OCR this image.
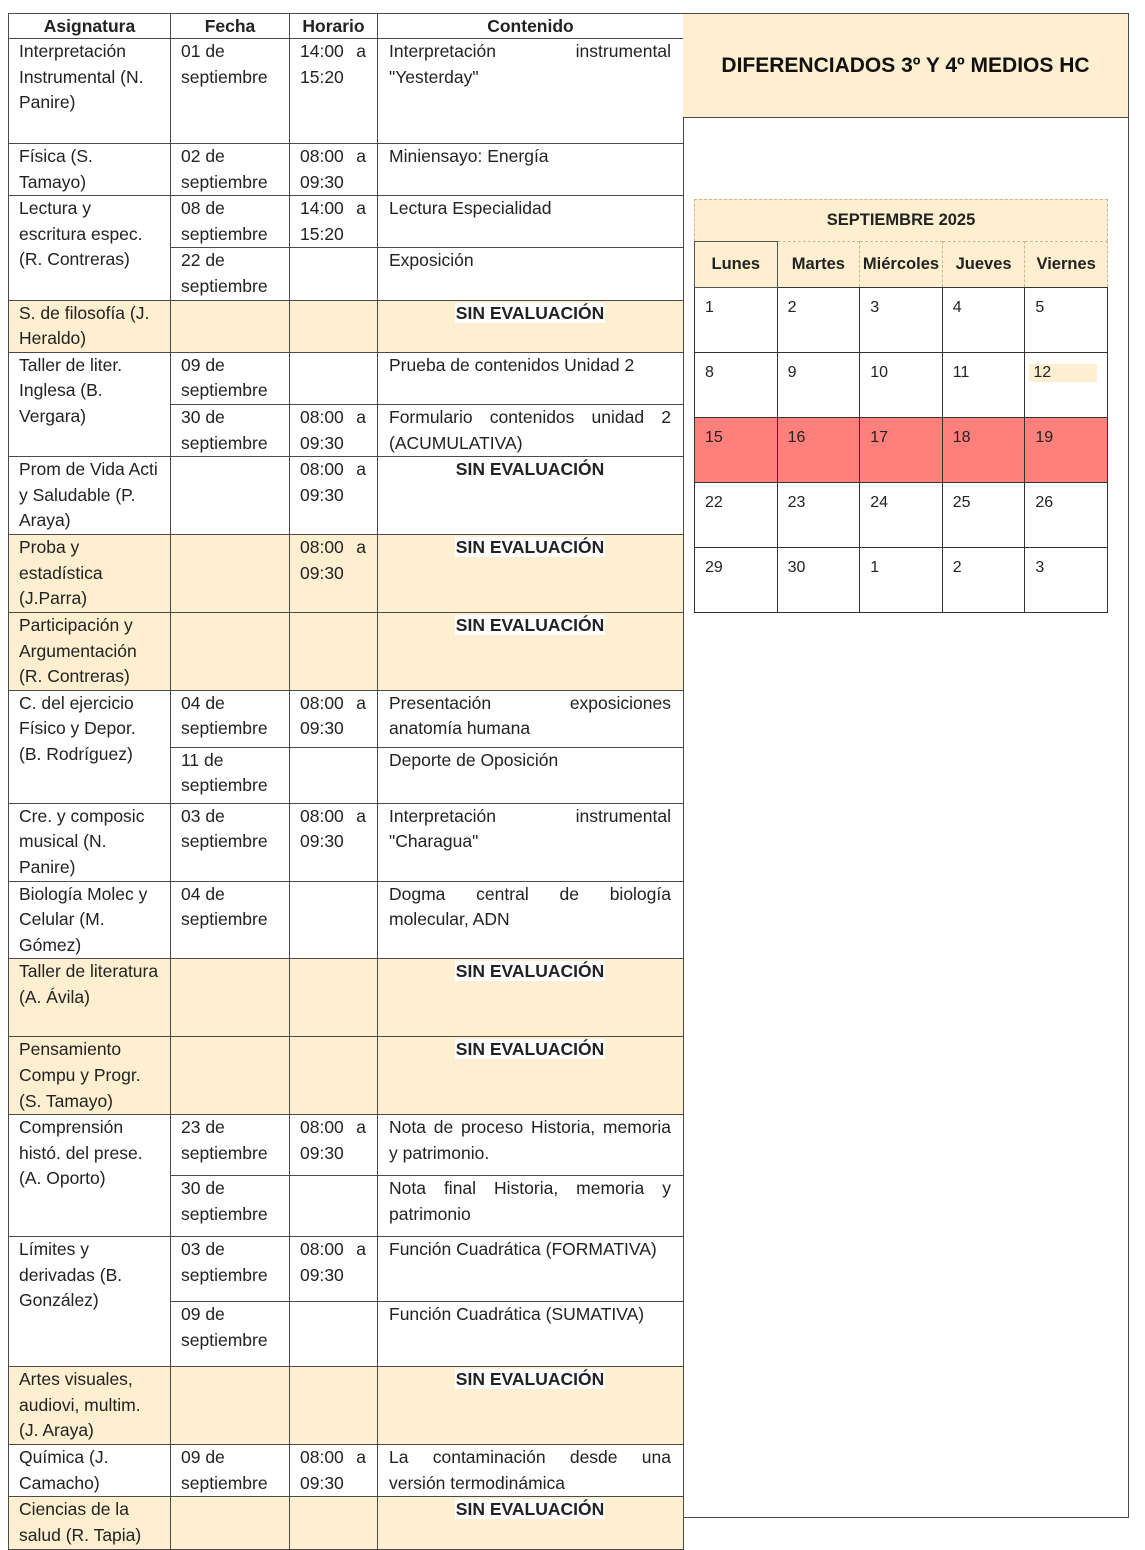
Asignatura	Fecha	Horario	Contenido
Interpretación Instrumental (N. Panire)	01 de septiembre	14:00 a 15:20	Interpretación instrumental "Yesterday"
Física (S. Tamayo)	02 de septiembre	08:00 a 09:30	Miniensayo: Energía
Lectura y escritura espec. (R. Contreras)	08 de septiembre	14:00 a 15:20	Lectura Especialidad
	22 de septiembre		Exposición
S. de filosofía (J. Heraldo)			SIN EVALUACIÓN

Taller de liter. Inglesa (B. Vergara)	09 de septiembre		Prueba de contenidos Unidad 2
	30 de septiembre	08:00 a 09:30	Formulario contenidos unidad 2 (ACUMULATIVA)
Prom de Vida Acti y Saludable (P. Araya)		08:00 a 09:30	SIN EVALUACIÓN

Proba y estadística (J.Parra)		08:00 a 09:30	SIN EVALUACIÓN

Participación y Argumentación (R. Contreras)			SIN EVALUACIÓN

C. del ejercicio Físico y Depor. (B. Rodríguez)	04 de septiembre	08:00 a 09:30	Presentación exposiciones anatomía humana
	11 de septiembre		Deporte de Oposición
Cre. y composic musical (N. Panire)	03 de septiembre	08:00 a 09:30	Interpretación instrumental "Charagua"
Biología Molec y Celular (M. Gómez)	04 de septiembre		Dogma central de biología molecular, ADN
Taller de literatura (A. Ávila)			SIN EVALUACIÓN

Pensamiento Compu y Progr. (S. Tamayo)			SIN EVALUACIÓN

Comprensión histó. del prese. (A. Oporto)	23 de septiembre	08:00 a 09:30	Nota de proceso Historia, memoria y patrimonio.
	30 de septiembre		Nota final Historia, memoria y patrimonio
Límites y derivadas (B. González)	03 de septiembre	08:00 a 09:30	Función Cuadrática (FORMATIVA)
	09 de septiembre		Función Cuadrática (SUMATIVA)
Artes visuales, audiovi, multim. (J. Araya)			SIN EVALUACIÓN

Química (J. Camacho)	09 de septiembre	08:00 a 09:30	La contaminación desde una versión termodinámica
Ciencias de la salud (R. Tapia)			SIN EVALUACIÓN
DIFERENCIADOS 3º Y 4º MEDIOS HC
SEPTIEMBRE 2025
Lunes	Martes	Miércoles	Jueves	Viernes
1	2	3	4	5
8	9	10	11	12
15	16	17	18	19
22	23	24	25	26
29	30	1	2	3
